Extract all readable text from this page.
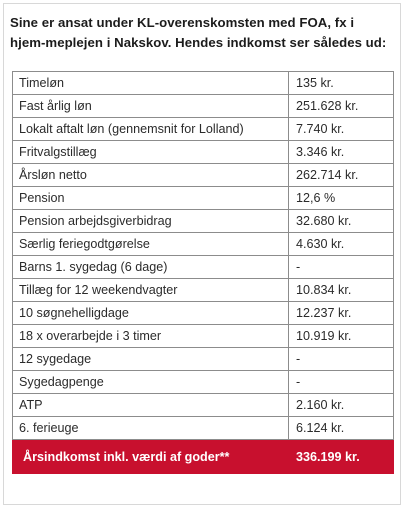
Sine er ansat under KL-overenskomsten med FOA, fx i hjem-meplejen i Nakskov. Hendes indkomst ser således ud:
Timeløn	135 kr.
Fast årlig løn	251.628 kr.
Lokalt aftalt løn (gennemsnit for Lolland)	7.740 kr.
Fritvalgstillæg	3.346 kr.
Årsløn netto	262.714 kr.
Pension	12,6 %
Pension arbejdsgiverbidrag	32.680 kr.
Særlig feriegodtgørelse	4.630 kr.
Barns 1. sygedag (6 dage)	-
Tillæg for 12 weekendvagter	10.834 kr.
10 søgnehelligdage	12.237 kr.
18 x overarbejde i 3 timer	10.919 kr.
12 sygedage	-
Sygedagpenge	-
ATP	2.160 kr.
6. ferieuge	6.124 kr.
Årsindkomst inkl. værdi af goder**	336.199 kr.
